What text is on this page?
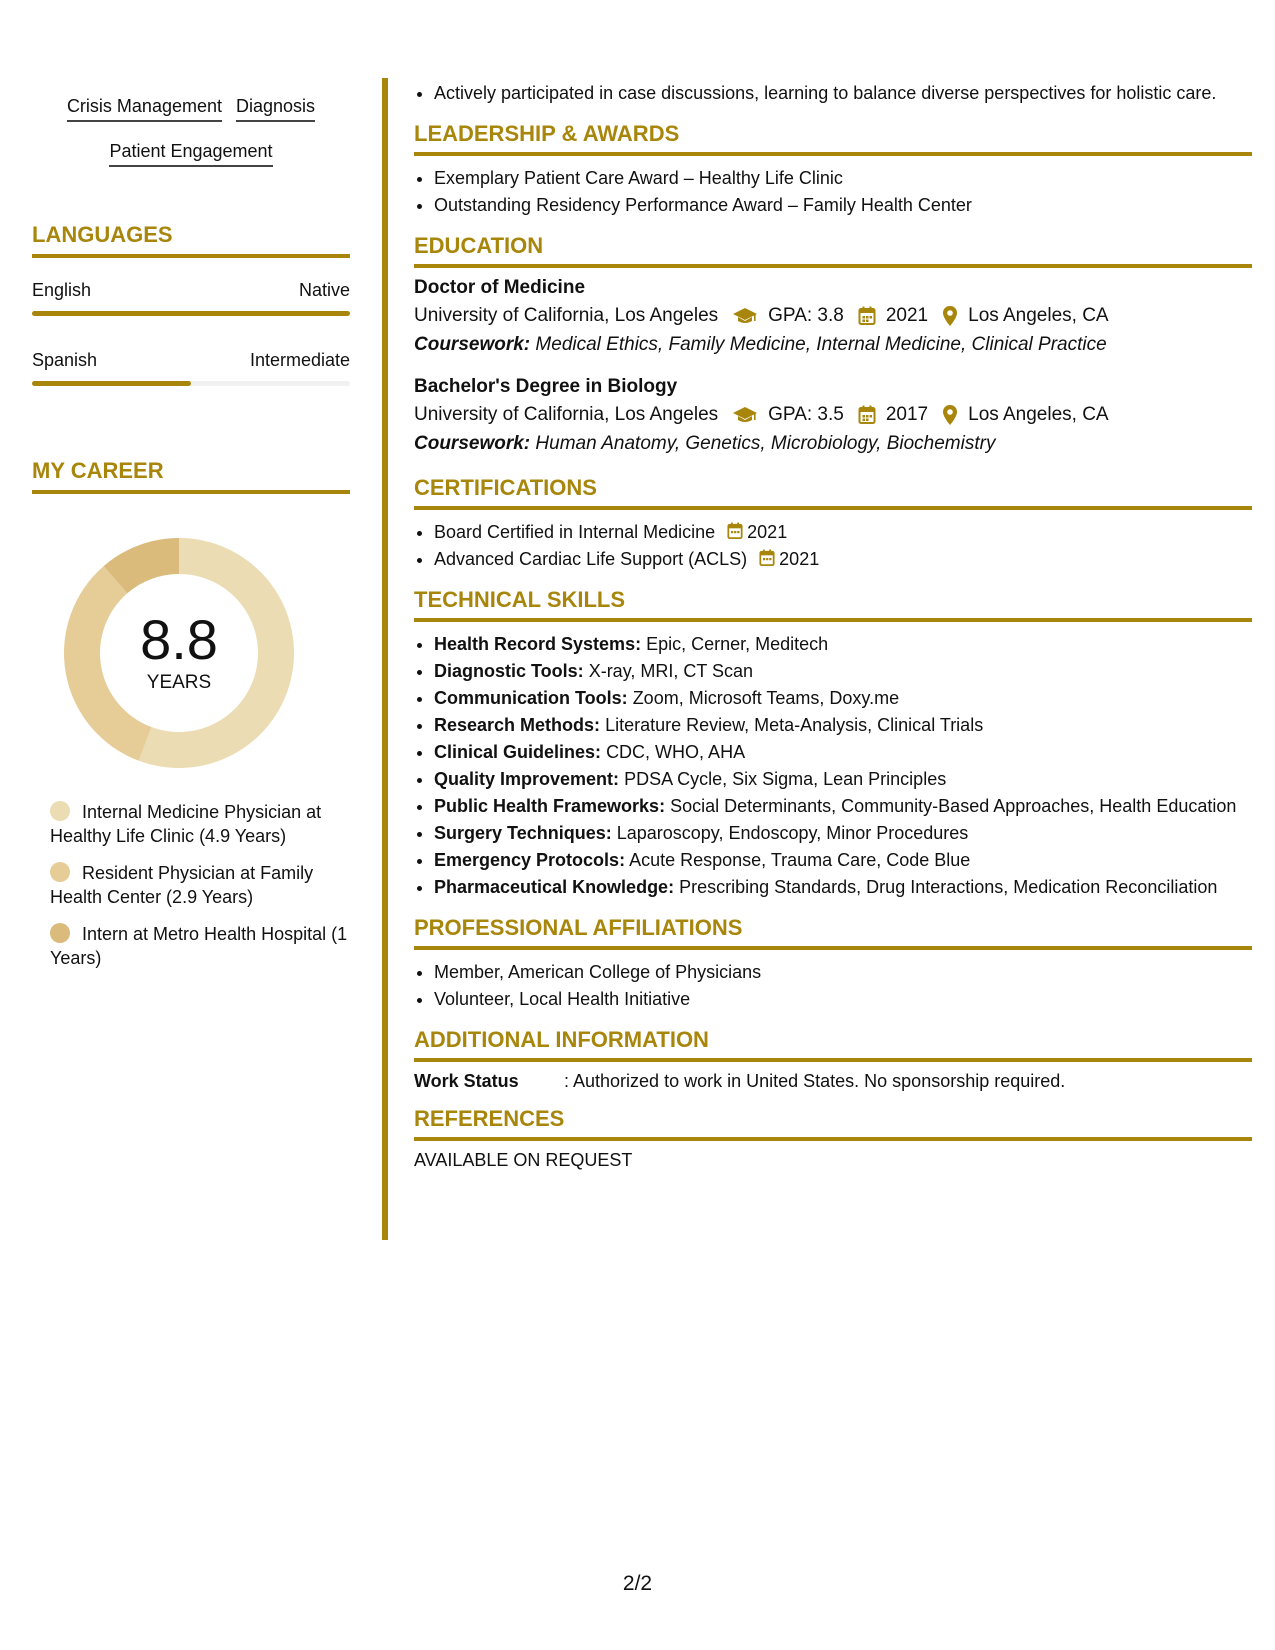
Crisis Management Diagnosis
Patient Engagement
LANGUAGES
English	Native
Spanish	Intermediate
MY CAREER
8.8
YEARS
Internal Medicine Physician at Healthy Life Clinic (4.9 Years)
Resident Physician at Family Health Center (2.9 Years)
Intern at Metro Health Hospital (1 Years)
• Actively participated in case discussions, learning to balance diverse perspectives for holistic care.
LEADERSHIP & AWARDS
• Exemplary Patient Care Award – Healthy Life Clinic
• Outstanding Residency Performance Award – Family Health Center
EDUCATION
Doctor of Medicine
University of California, Los Angeles	GPA: 3.8 2021 Los Angeles, CA
Coursework: Medical Ethics, Family Medicine, Internal Medicine, Clinical Practice
Bachelor's Degree in Biology
University of California, Los Angeles	GPA: 3.5 2017 Los Angeles, CA
Coursework: Human Anatomy, Genetics, Microbiology, Biochemistry
CERTIFICATIONS
• Board Certified in Internal Medicine 2021
• Advanced Cardiac Life Support (ACLS) 2021
TECHNICAL SKILLS
• Health Record Systems: Epic, Cerner, Meditech
• Diagnostic Tools: X-ray, MRI, CT Scan
• Communication Tools: Zoom, Microsoft Teams, Doxy.me
• Research Methods: Literature Review, Meta-Analysis, Clinical Trials
• Clinical Guidelines: CDC, WHO, AHA
• Quality Improvement: PDSA Cycle, Six Sigma, Lean Principles
• Public Health Frameworks: Social Determinants, Community-Based Approaches, Health Education
• Surgery Techniques: Laparoscopy, Endoscopy, Minor Procedures
• Emergency Protocols: Acute Response, Trauma Care, Code Blue
• Pharmaceutical Knowledge: Prescribing Standards, Drug Interactions, Medication Reconciliation
PROFESSIONAL AFFILIATIONS
• Member, American College of Physicians
• Volunteer, Local Health Initiative
ADDITIONAL INFORMATION
Work Status	: Authorized to work in United States. No sponsorship required.
REFERENCES
AVAILABLE ON REQUEST
2/2
